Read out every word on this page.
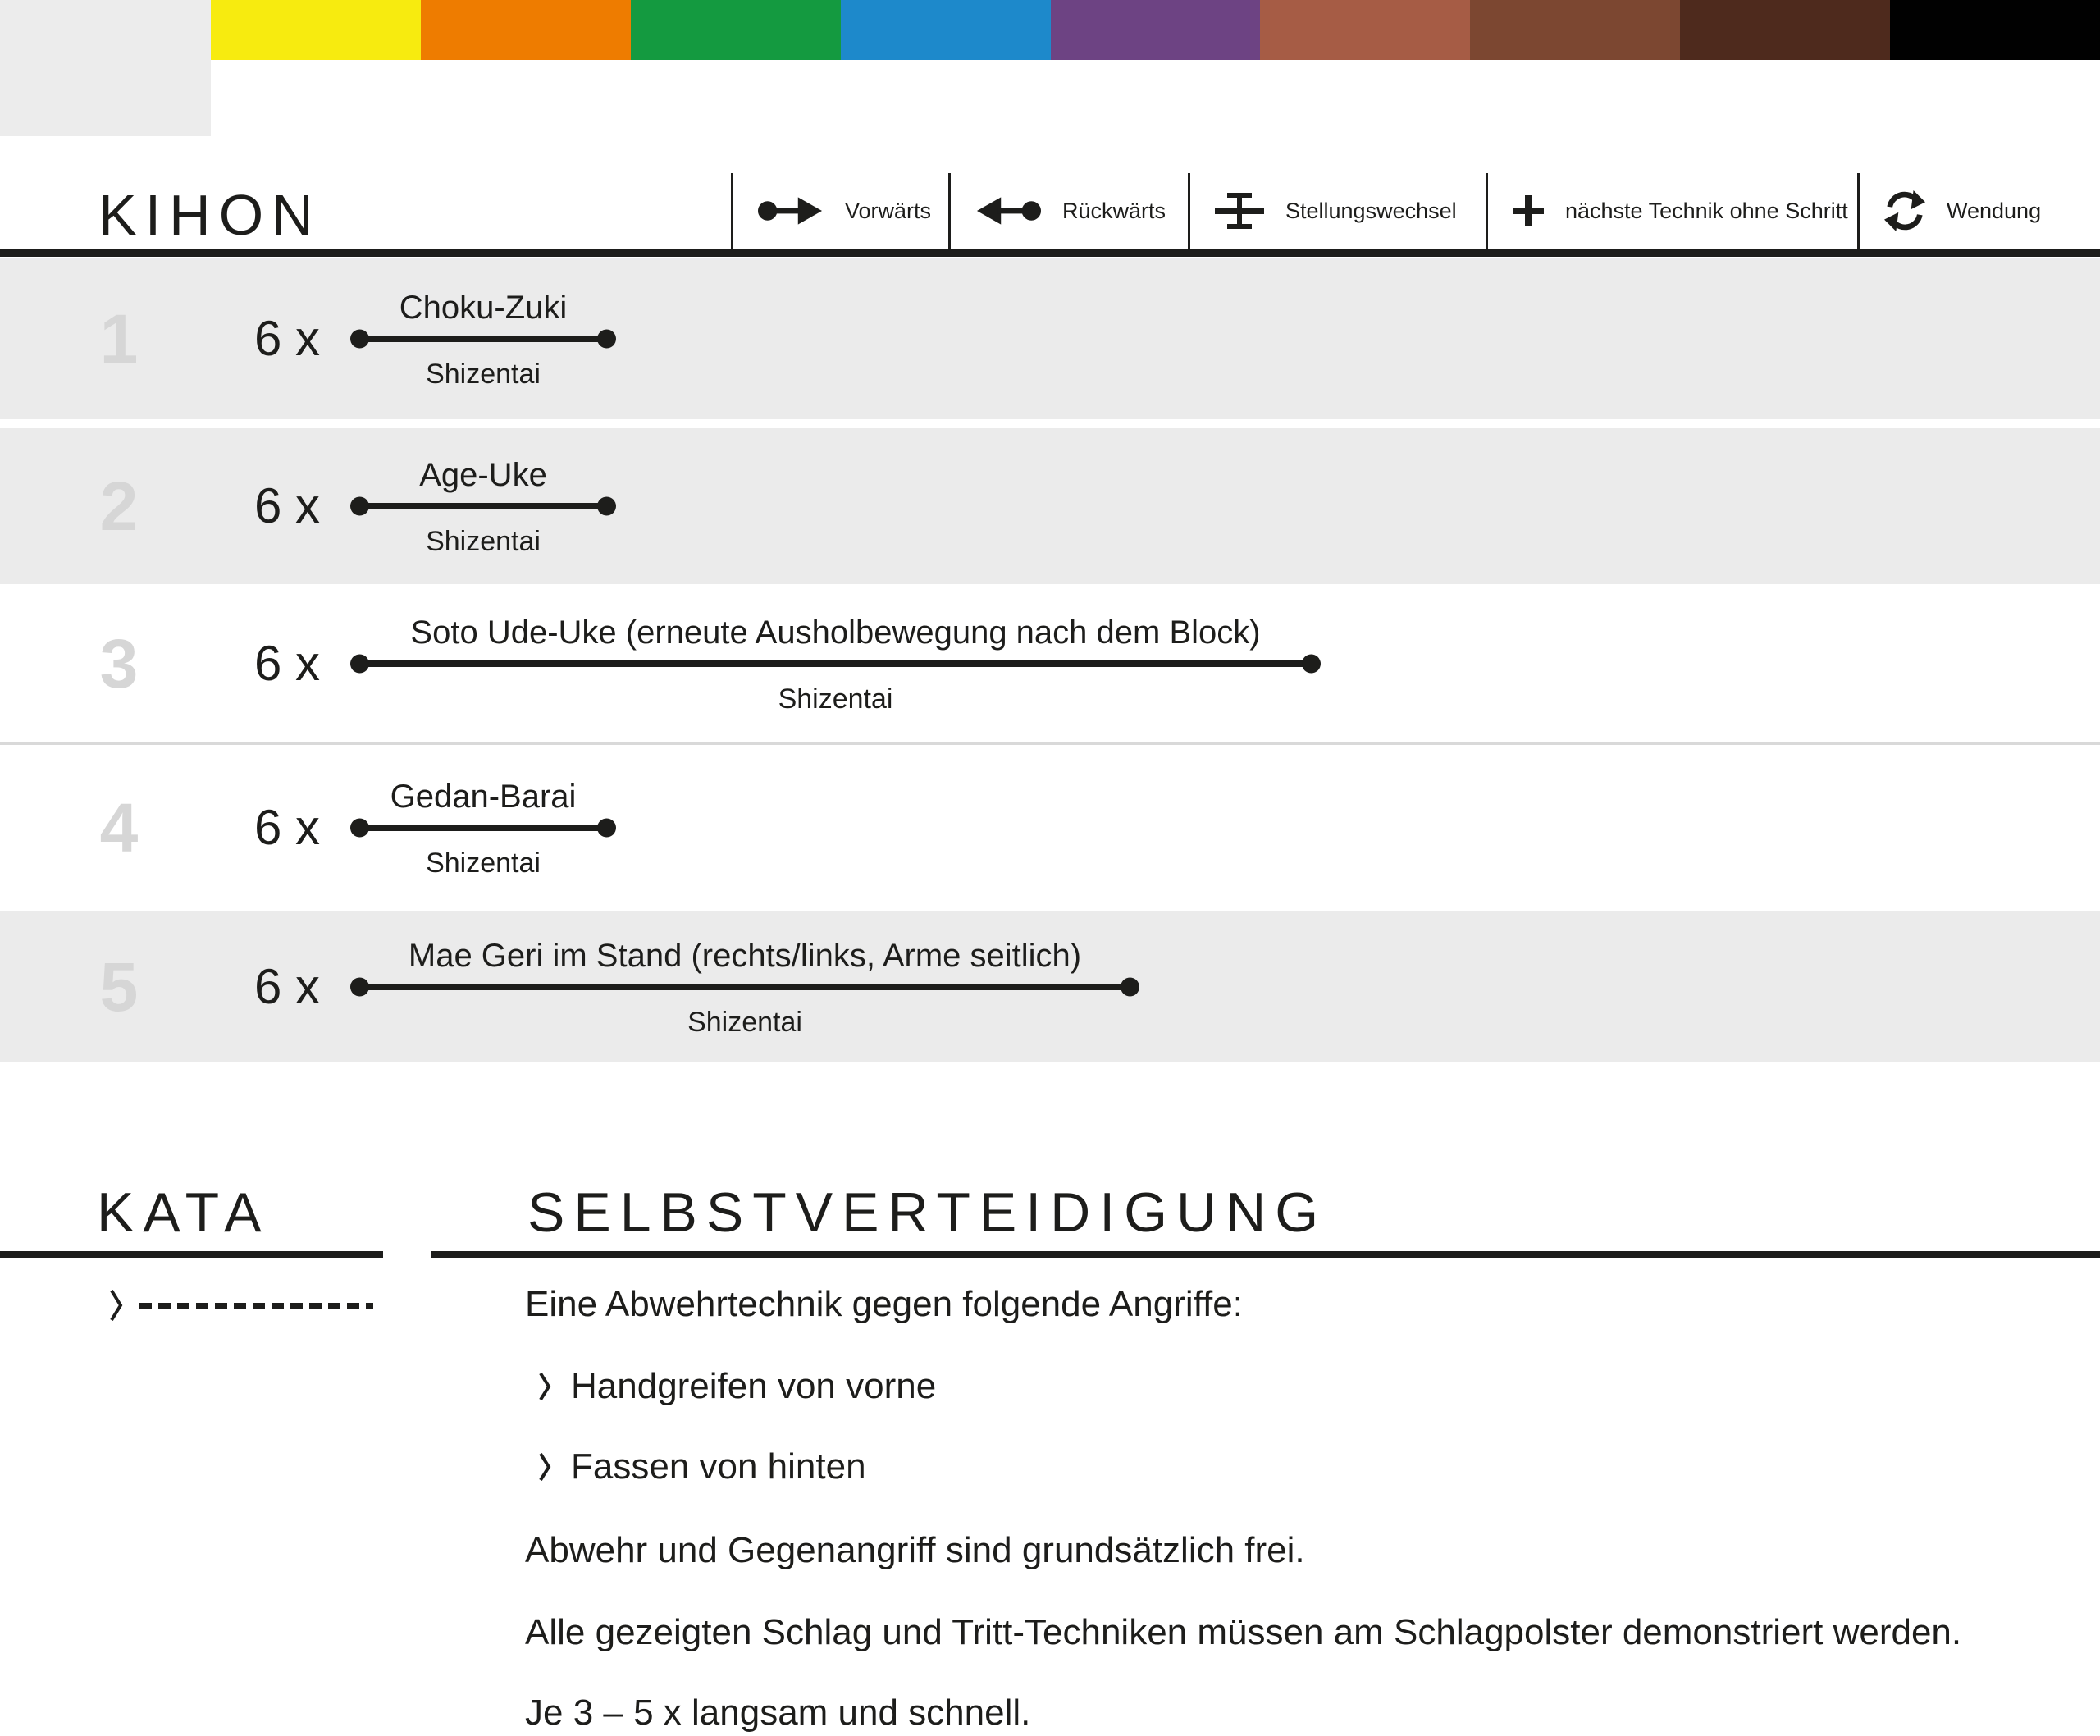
KIHON	Vorwärts	Rückwärts	Stellungswechsel	nächste Technik ohne Schritt	Wendung
1	6 x
Choku-Zuki
Shizentai
2	6 x
Age-Uke
Shizentai
3	6 x
Soto Ude-Uke (erneute Ausholbewegung nach dem Block)
Shizentai
4	6 x
Gedan-Barai
Shizentai
5	6 x
Mae Geri im Stand (rechts/links, Arme seitlich)
Shizentai
KATA	SELBSTVERTEIDIGUNG
Eine Abwehrtechnik gegen folgende Angriffe:
Handgreifen von vorne
Fassen von hinten
Abwehr und Gegenangriff sind grundsätzlich frei.
Alle gezeigten Schlag und Tritt-Techniken müssen am Schlagpolster demonstriert werden.
Je 3 – 5 x langsam und schnell.
